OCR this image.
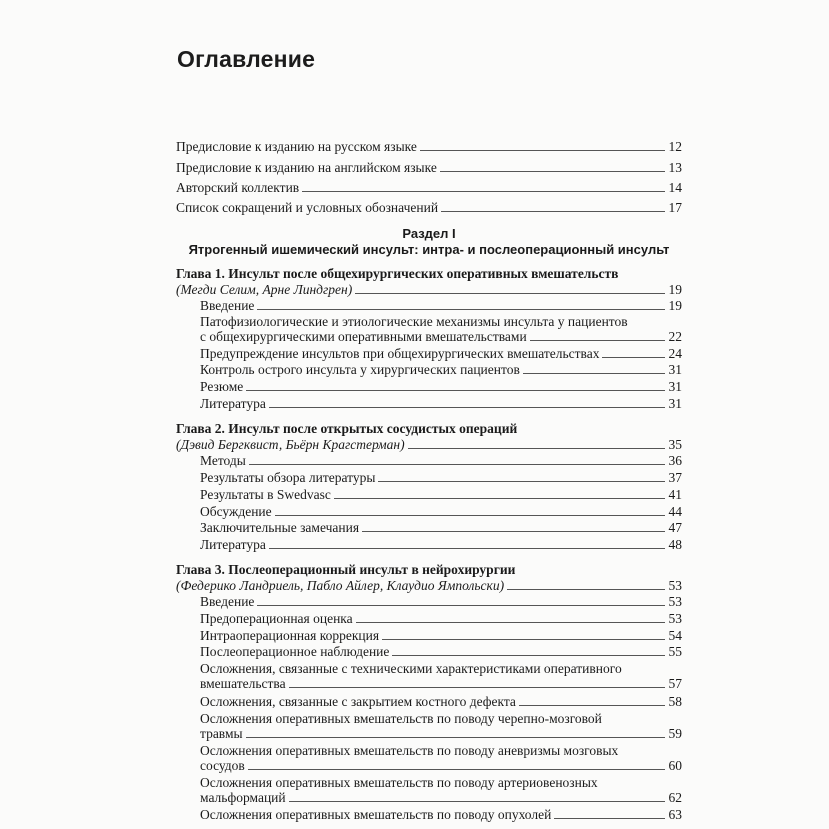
Оглавление
Предисловие к изданию на русском языке	12
Предисловие к изданию на английском языке	13
Авторский коллектив	14
Список сокращений и условных обозначений	17
Раздел I
Ятрогенный ишемический инсульт: интра- и послеоперационный инсульт
Глава 1. Инсульт после общехирургических оперативных вмешательств
(Мегди Селим, Арне Линдгрен)	19
Введение	19
Патофизиологические и этиологические механизмы инсульта у пациентов
с общехирургическими оперативными вмешательствами	22
Предупреждение инсультов при общехирургических вмешательствах	24
Контроль острого инсульта у хирургических пациентов	31
Резюме	31
Литература	31
Глава 2. Инсульт после открытых сосудистых операций
(Дэвид Бергквист, Бьёрн Крагстерман)	35
Методы	36
Результаты обзора литературы	37
Результаты в Swedvasc	41
Обсуждение	44
Заключительные замечания	47
Литература	48
Глава 3. Послеоперационный инсульт в нейрохирургии
(Федерико Ландриель, Пабло Айлер, Клаудио Ямпольски)	53
Введение	53
Предоперационная оценка	53
Интраоперационная коррекция	54
Послеоперационное наблюдение	55
Осложнения, связанные с техническими характеристиками оперативного
вмешательства	57
Осложнения, связанные с закрытием костного дефекта	58
Осложнения оперативных вмешательств по поводу черепно-мозговой
травмы	59
Осложнения оперативных вмешательств по поводу аневризмы мозговых
сосудов	60
Осложнения оперативных вмешательств по поводу артериовенозных
мальформаций	62
Осложнения оперативных вмешательств по поводу опухолей	63
